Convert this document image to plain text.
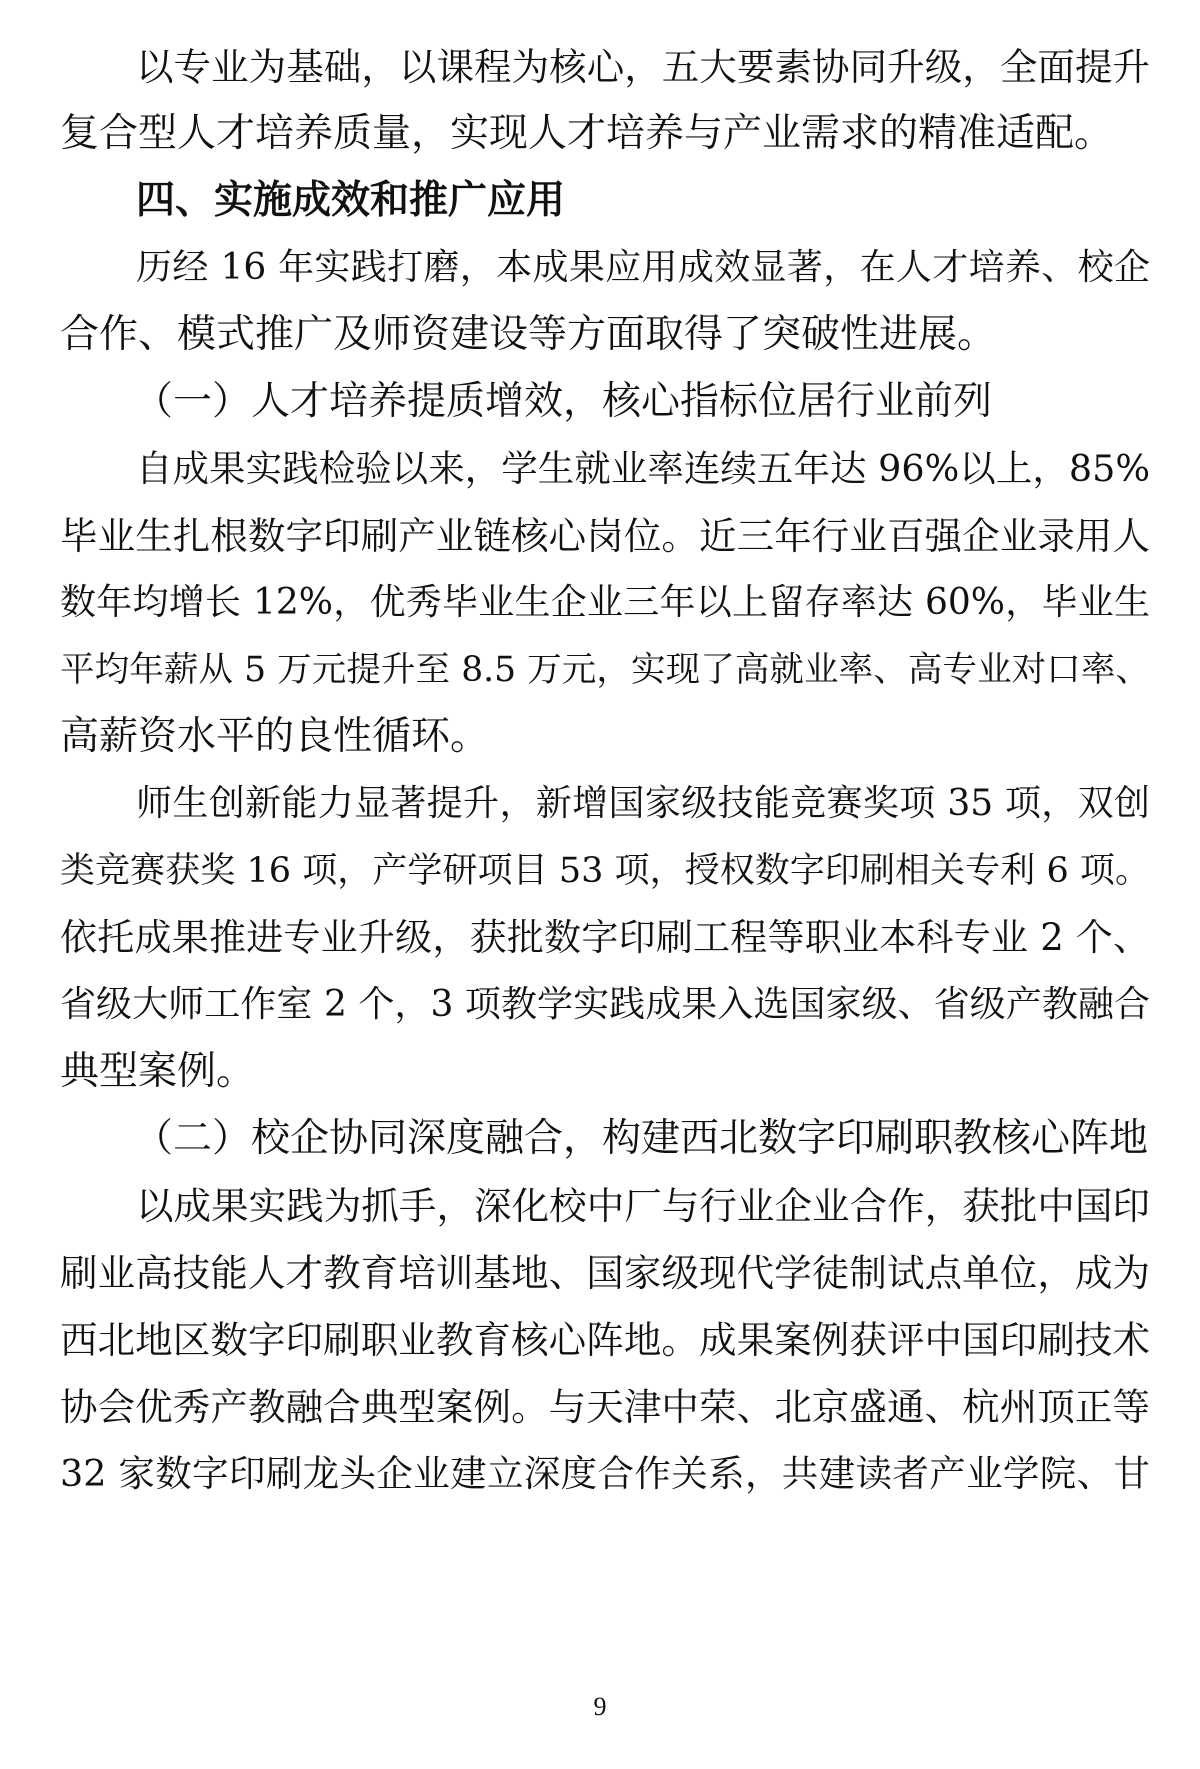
以专业为基础，以课程为核心，五大要素协同升级，全面提升
复合型人才培养质量，实现人才培养与产业需求的精准适配。
四、实施成效和推广应用
历经 16 年实践打磨，本成果应用成效显著，在人才培养、校企
合作、模式推广及师资建设等方面取得了突破性进展。
（一）人才培养提质增效，核心指标位居行业前列
自成果实践检验以来，学生就业率连续五年达 96%以上，85%
毕业生扎根数字印刷产业链核心岗位。近三年行业百强企业录用人
数年均增长 12%，优秀毕业生企业三年以上留存率达 60%，毕业生
平均年薪从 5 万元提升至 8.5 万元，实现了高就业率、高专业对口率、
高薪资水平的良性循环。
师生创新能力显著提升，新增国家级技能竞赛奖项 35 项，双创
类竞赛获奖 16 项，产学研项目 53 项，授权数字印刷相关专利 6 项。
依托成果推进专业升级，获批数字印刷工程等职业本科专业 2 个、
省级大师工作室 2 个，3 项教学实践成果入选国家级、省级产教融合
典型案例。
（二）校企协同深度融合，构建西北数字印刷职教核心阵地
以成果实践为抓手，深化校中厂与行业企业合作，获批中国印
刷业高技能人才教育培训基地、国家级现代学徒制试点单位，成为
西北地区数字印刷职业教育核心阵地。成果案例获评中国印刷技术
协会优秀产教融合典型案例。与天津中荣、北京盛通、杭州顶正等
32 家数字印刷龙头企业建立深度合作关系，共建读者产业学院、甘
9
